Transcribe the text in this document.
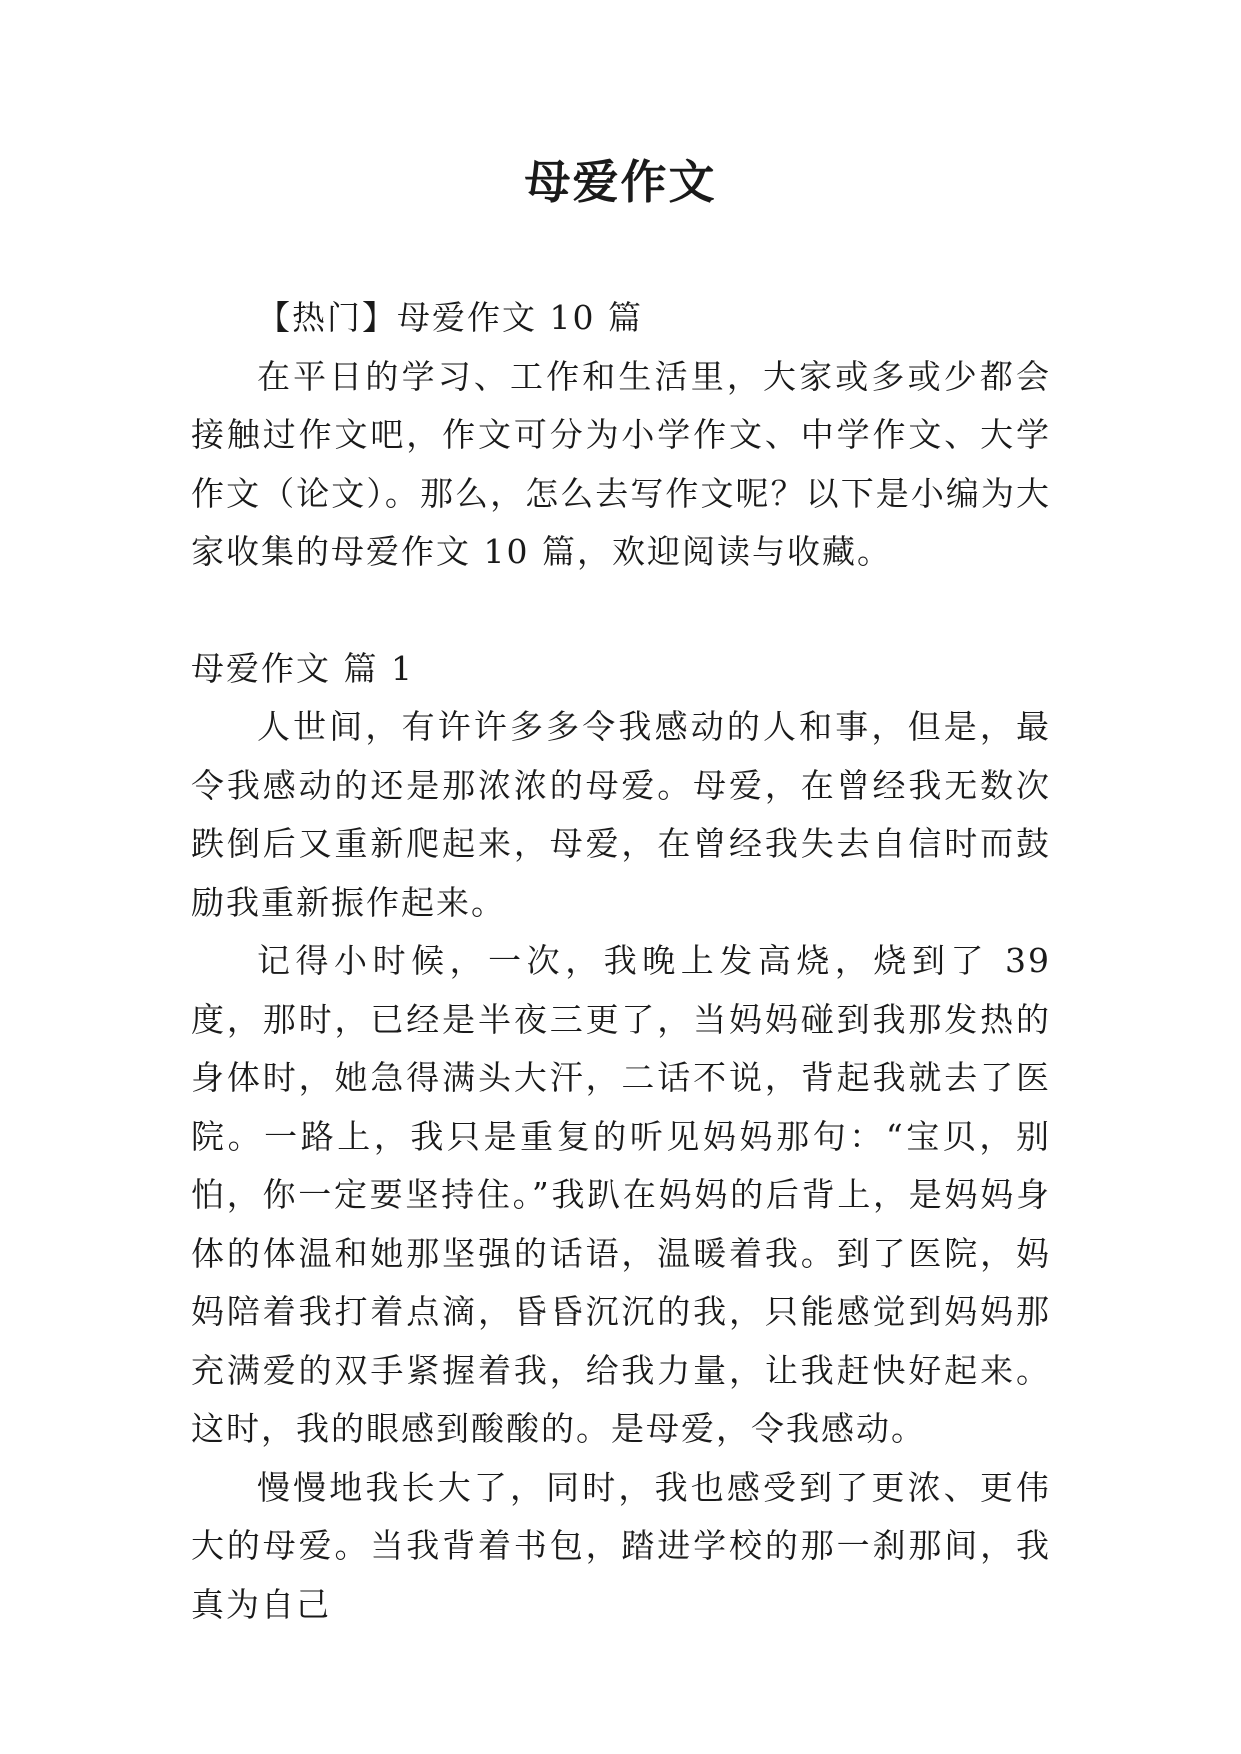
母爱作文

【热门】母爱作文 10 篇

在平日的学习、工作和生活里，大家或多或少都会接触过作文吧，作文可分为小学作文、中学作文、大学作文（论文）。那么，怎么去写作文呢？以下是小编为大家收集的母爱作文 10 篇，欢迎阅读与收藏。

母爱作文 篇 1

人世间，有许许多多令我感动的人和事，但是，最令我感动的还是那浓浓的母爱。母爱，在曾经我无数次跌倒后又重新爬起来，母爱，在曾经我失去自信时而鼓励我重新振作起来。

记得小时候，一次，我晚上发高烧，烧到了 39 度，那时，已经是半夜三更了，当妈妈碰到我那发热的身体时，她急得满头大汗，二话不说，背起我就去了医院。一路上，我只是重复的听见妈妈那句：“宝贝，别怕，你一定要坚持住。”我趴在妈妈的后背上，是妈妈身体的体温和她那坚强的话语，温暖着我。到了医院，妈妈陪着我打着点滴，昏昏沉沉的我，只能感觉到妈妈那充满爱的双手紧握着我，给我力量，让我赶快好起来。这时，我的眼感到酸酸的。是母爱，令我感动。

慢慢地我长大了，同时，我也感受到了更浓、更伟大的母爱。当我背着书包，踏进学校的那一刹那间，我真为自己
